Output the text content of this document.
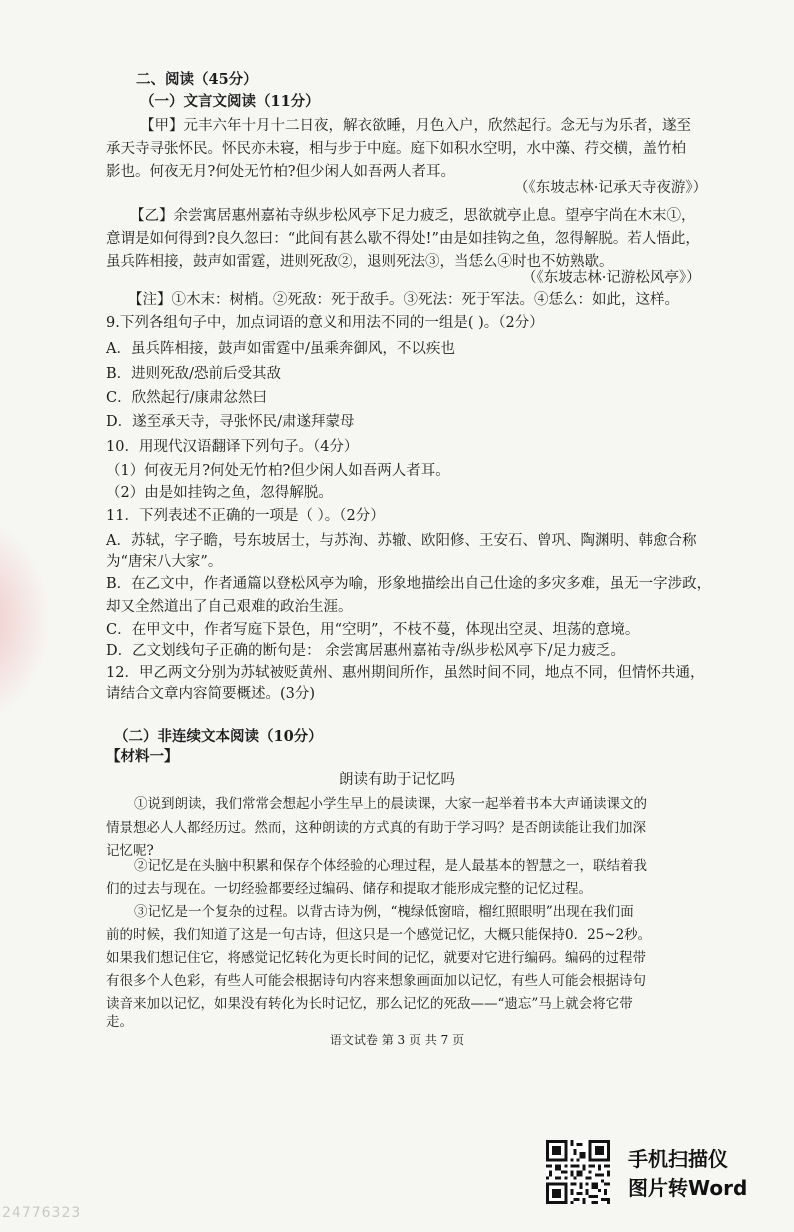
二、阅读（45分）
（一）文言文阅读（11分）
【甲】元丰六年十月十二日夜，解衣欲睡，月色入户，欣然起行。念无与为乐者，遂至
承天寺寻张怀民。怀民亦未寝，相与步于中庭。庭下如积水空明，水中藻、荇交横，盖竹柏
影也。何夜无月?何处无竹柏?但少闲人如吾两人者耳。
（《东坡志林·记承天寺夜游》）
【乙】余尝寓居惠州嘉祐寺纵步松风亭下足力疲乏，思欲就亭止息。望亭宇尚在木末①，
意谓是如何得到?良久忽曰：“此间有甚么歇不得处!”由是如挂钩之鱼，忽得解脱。若人悟此，
虽兵阵相接，鼓声如雷霆，进则死敌②，退则死法③，当恁么④时也不妨熟歇。
（《东坡志林·记游松风亭》）
【注】①木末：树梢。②死敌：死于敌手。③死法：死于军法。④恁么：如此，这样。
9.下列各组句子中，加点词语的意义和用法不同的一组是( )。（2分）
A．虽兵阵相接，鼓声如雷霆中/虽乘奔御风，不以疾也
B．进则死敌/恐前后受其敌
C．欣然起行/康肃忿然曰
D．遂至承天寺，寻张怀民/肃遂拜蒙母
10．用现代汉语翻译下列句子。（4分）
（1）何夜无月?何处无竹柏?但少闲人如吾两人者耳。
（2）由是如挂钩之鱼，忽得解脱。
11．下列表述不正确的一项是（ ）。（2分）
A．苏轼，字子瞻，号东坡居士，与苏洵、苏辙、欧阳修、王安石、曾巩、陶渊明、韩愈合称
为“唐宋八大家”。
B．在乙文中，作者通篇以登松风亭为喻，形象地描绘出自己仕途的多灾多难，虽无一字涉政，
却又全然道出了自己艰难的政治生涯。
C．在甲文中，作者写庭下景色，用“空明”，不枝不蔓，体现出空灵、坦荡的意境。
D．乙文划线句子正确的断句是： 余尝寓居惠州嘉祐寺/纵步松风亭下/足力疲乏。
12．甲乙两文分别为苏轼被贬黄州、惠州期间所作，虽然时间不同，地点不同，但情怀共通，
请结合文章内容简要概述。(3分)
（二）非连续文本阅读（10分）
【材料一】
朗读有助于记忆吗
①说到朗读，我们常常会想起小学生早上的晨读课，大家一起举着书本大声诵读课文的
情景想必人人都经历过。然而，这种朗读的方式真的有助于学习吗？是否朗读能让我们加深
记忆呢?
②记忆是在头脑中积累和保存个体经验的心理过程，是人最基本的智慧之一，联结着我
们的过去与现在。一切经验都要经过编码、储存和提取才能形成完整的记忆过程。
③记忆是一个复杂的过程。以背古诗为例，“槐绿低窗暗，榴红照眼明”出现在我们面
前的时候，我们知道了这是一句古诗，但这只是一个感觉记忆，大概只能保持0．25~2秒。
如果我们想记住它，将感觉记忆转化为更长时间的记忆，就要对它进行编码。编码的过程带
有很多个人色彩，有些人可能会根据诗句内容来想象画面加以记忆，有些人可能会根据诗句
读音来加以记忆，如果没有转化为长时记忆，那么记忆的死敌——“遗忘”马上就会将它带
走。
语文试卷 第 3 页 共 7 页
手机扫描仪
图片转Word
24776323
